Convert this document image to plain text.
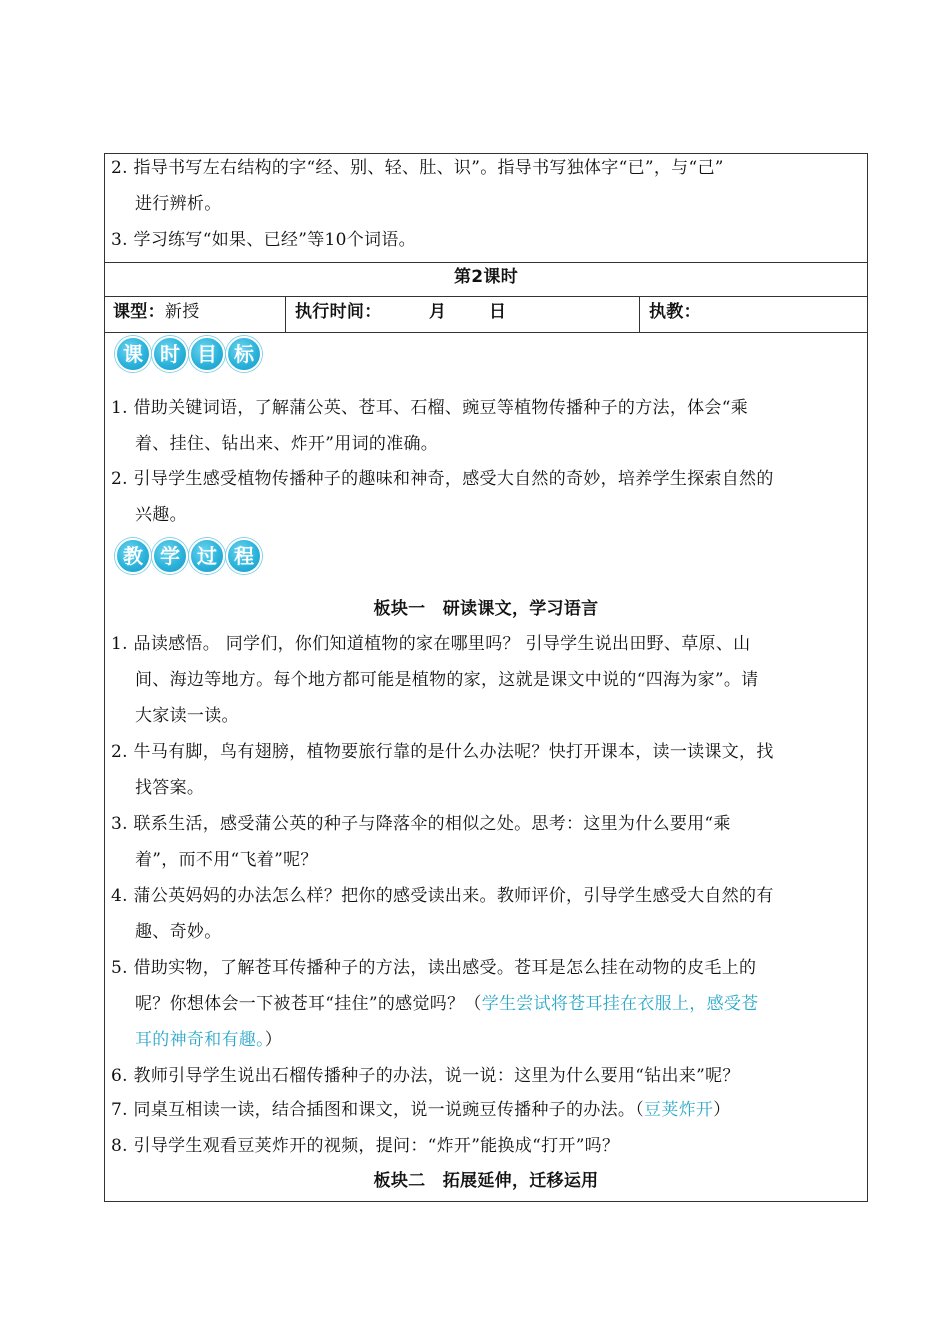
2. 指导书写左右结构的字“经、别、轻、肚、识”。指导书写独体字“已”，与“己”
进行辨析。
3. 学习练写“如果、已经”等10个词语。
第2课时
课型：新授	执行时间：	月	日	执教：
课 时 目 标
1. 借助关键词语，了解蒲公英、苍耳、石榴、豌豆等植物传播种子的方法，体会“乘
着、挂住、钻出来、炸开”用词的准确。
2. 引导学生感受植物传播种子的趣味和神奇，感受大自然的奇妙，培养学生探索自然的
兴趣。
教 学 过 程
板块一　研读课文，学习语言
1. 品读感悟。 同学们，你们知道植物的家在哪里吗？ 引导学生说出田野、草原、山
间、海边等地方。每个地方都可能是植物的家，这就是课文中说的“四海为家”。请
大家读一读。
2. 牛马有脚，鸟有翅膀，植物要旅行靠的是什么办法呢？快打开课本，读一读课文，找
找答案。
3. 联系生活，感受蒲公英的种子与降落伞的相似之处。思考：这里为什么要用“乘
着”，而不用“飞着”呢？
4. 蒲公英妈妈的办法怎么样？把你的感受读出来。教师评价，引导学生感受大自然的有
趣、奇妙。
5. 借助实物，了解苍耳传播种子的方法，读出感受。苍耳是怎么挂在动物的皮毛上的
呢？你想体会一下被苍耳“挂住”的感觉吗？（学生尝试将苍耳挂在衣服上，感受苍
耳的神奇和有趣。）
6. 教师引导学生说出石榴传播种子的办法，说一说：这里为什么要用“钻出来”呢？
7. 同桌互相读一读，结合插图和课文，说一说豌豆传播种子的办法。（豆荚炸开）
8. 引导学生观看豆荚炸开的视频，提问：“炸开”能换成“打开”吗？
板块二　拓展延伸，迁移运用
